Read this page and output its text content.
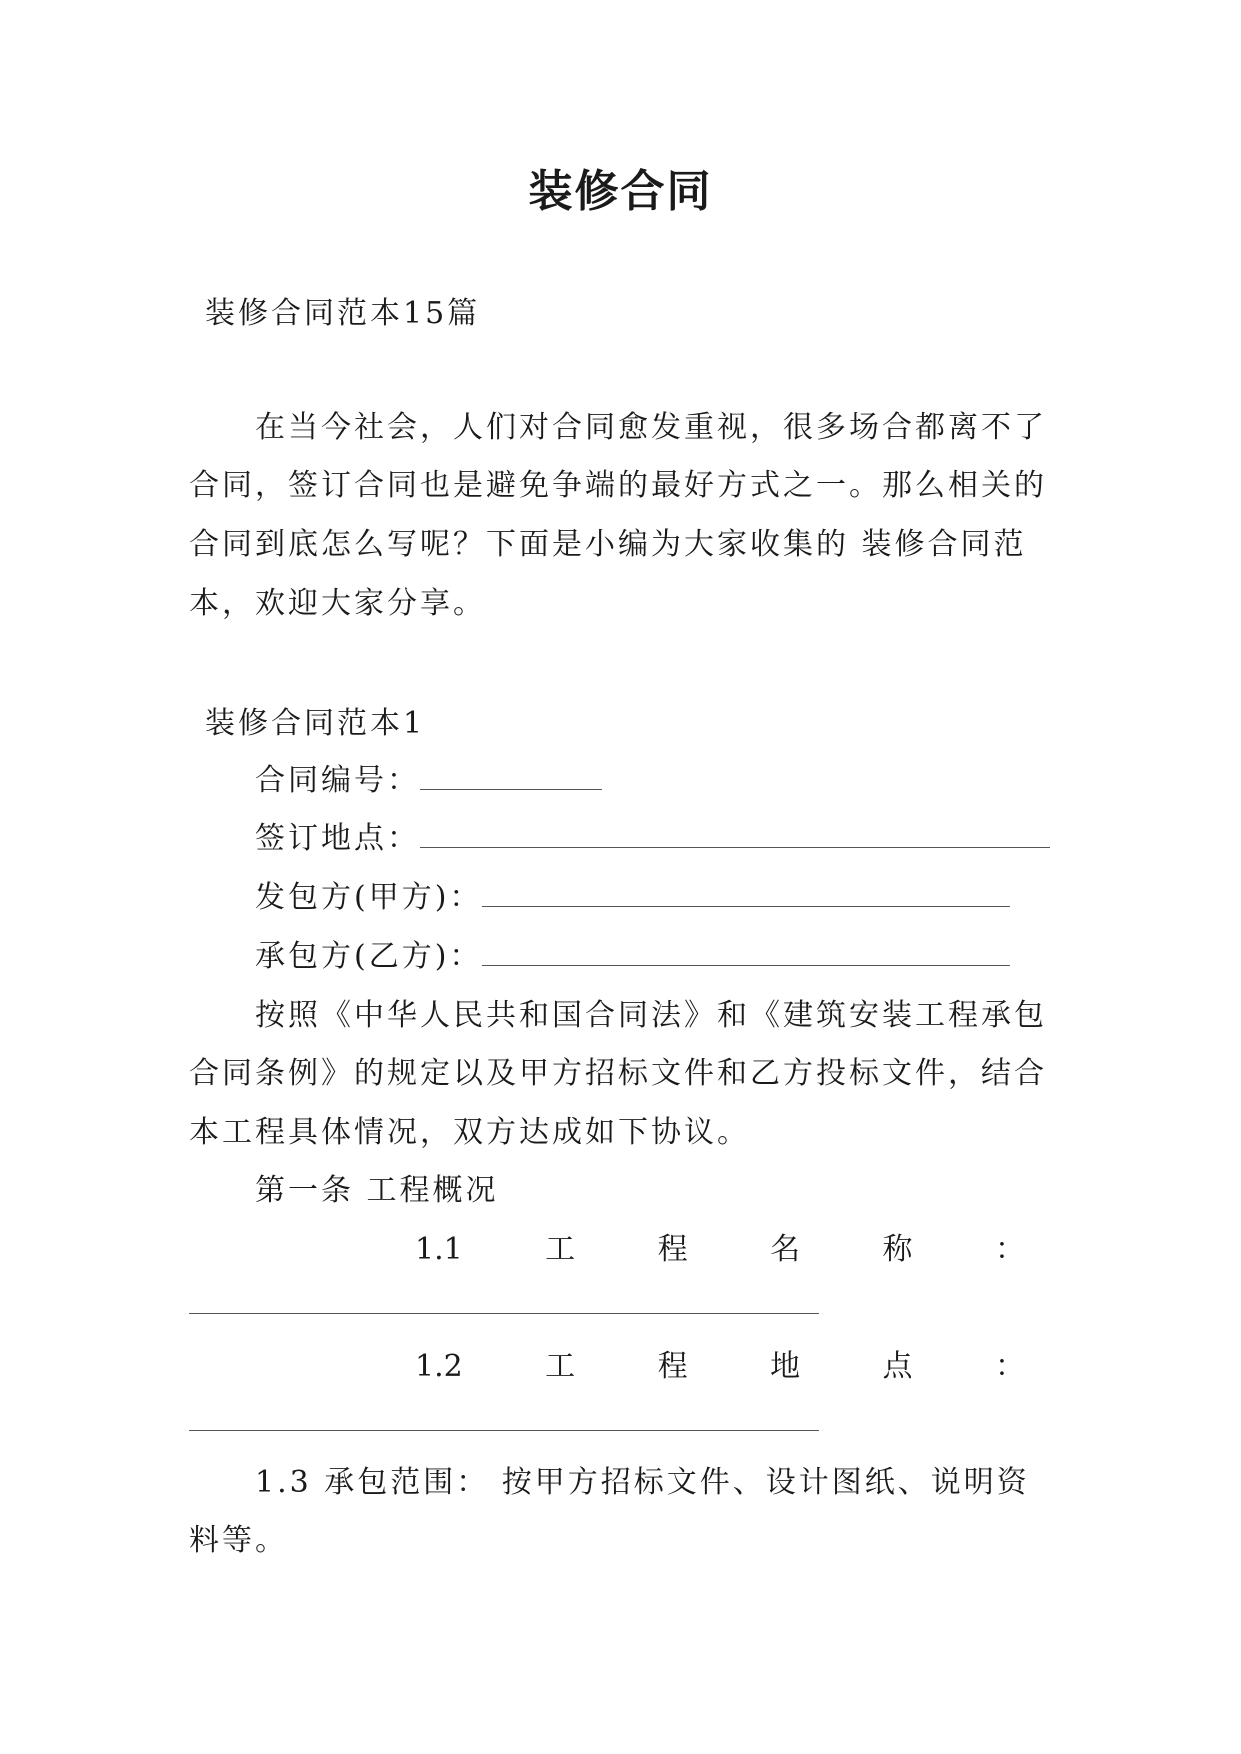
装修合同
装修合同范本15篇
在当今社会，人们对合同愈发重视，很多场合都离不了
合同，签订合同也是避免争端的最好方式之一。那么相关的
合同到底怎么写呢？下面是小编为大家收集的 装修合同范
本，欢迎大家分享。
装修合同范本1
合同编号：
签订地点：
发包方(甲方)：
承包方(乙方)：
按照《中华人民共和国合同法》和《建筑安装工程承包
合同条例》的规定以及甲方招标文件和乙方投标文件，结合
本工程具体情况，双方达成如下协议。
第一条 工程概况
1.1	工	程	名	称	：
1.2	工	程	地	点	：
1.3 承包范围： 按甲方招标文件、设计图纸、说明资
料等。
